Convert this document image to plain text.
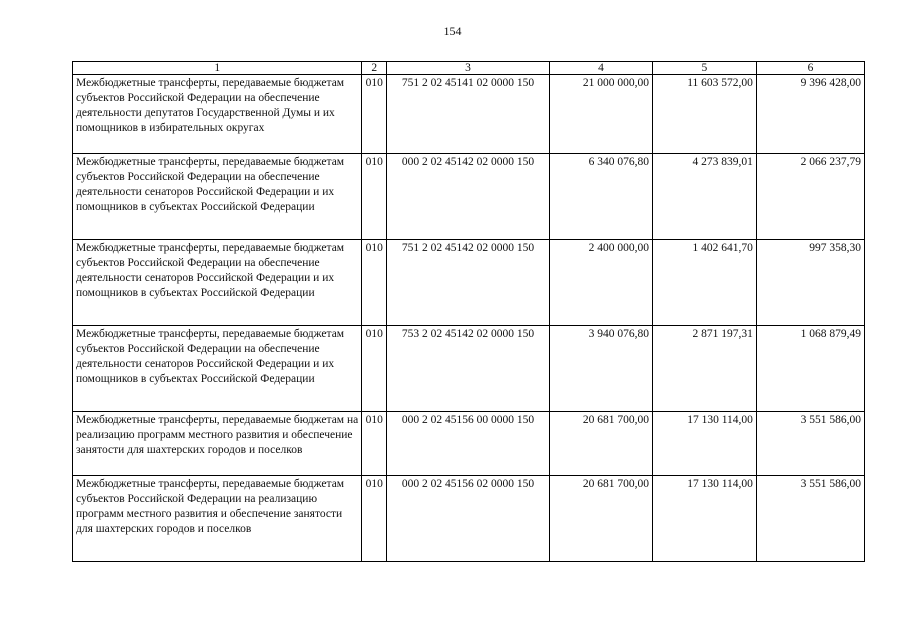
154
1	2	3	4	5	6
Межбюджетные трансферты, передаваемые бюджетам субъектов Российской Федерации на обеспечение деятельности депутатов Государственной Думы и их помощников в избирательных округах	010	751 2 02 45141 02 0000 150	21 000 000,00	11 603 572,00	9 396 428,00
Межбюджетные трансферты, передаваемые бюджетам субъектов Российской Федерации на обеспечение деятельности сенаторов Российской Федерации и их помощников в субъектах Российской Федерации	010	000 2 02 45142 02 0000 150	6 340 076,80	4 273 839,01	2 066 237,79
Межбюджетные трансферты, передаваемые бюджетам субъектов Российской Федерации на обеспечение деятельности сенаторов Российской Федерации и их помощников в субъектах Российской Федерации	010	751 2 02 45142 02 0000 150	2 400 000,00	1 402 641,70	997 358,30
Межбюджетные трансферты, передаваемые бюджетам субъектов Российской Федерации на обеспечение деятельности сенаторов Российской Федерации и их помощников в субъектах Российской Федерации	010	753 2 02 45142 02 0000 150	3 940 076,80	2 871 197,31	1 068 879,49
Межбюджетные трансферты, передаваемые бюджетам на реализацию программ местного развития и обеспечение занятости для шахтерских городов и поселков	010	000 2 02 45156 00 0000 150	20 681 700,00	17 130 114,00	3 551 586,00
Межбюджетные трансферты, передаваемые бюджетам субъектов Российской Федерации на реализацию программ местного развития и обеспечение занятости для шахтерских городов и поселков	010	000 2 02 45156 02 0000 150	20 681 700,00	17 130 114,00	3 551 586,00
